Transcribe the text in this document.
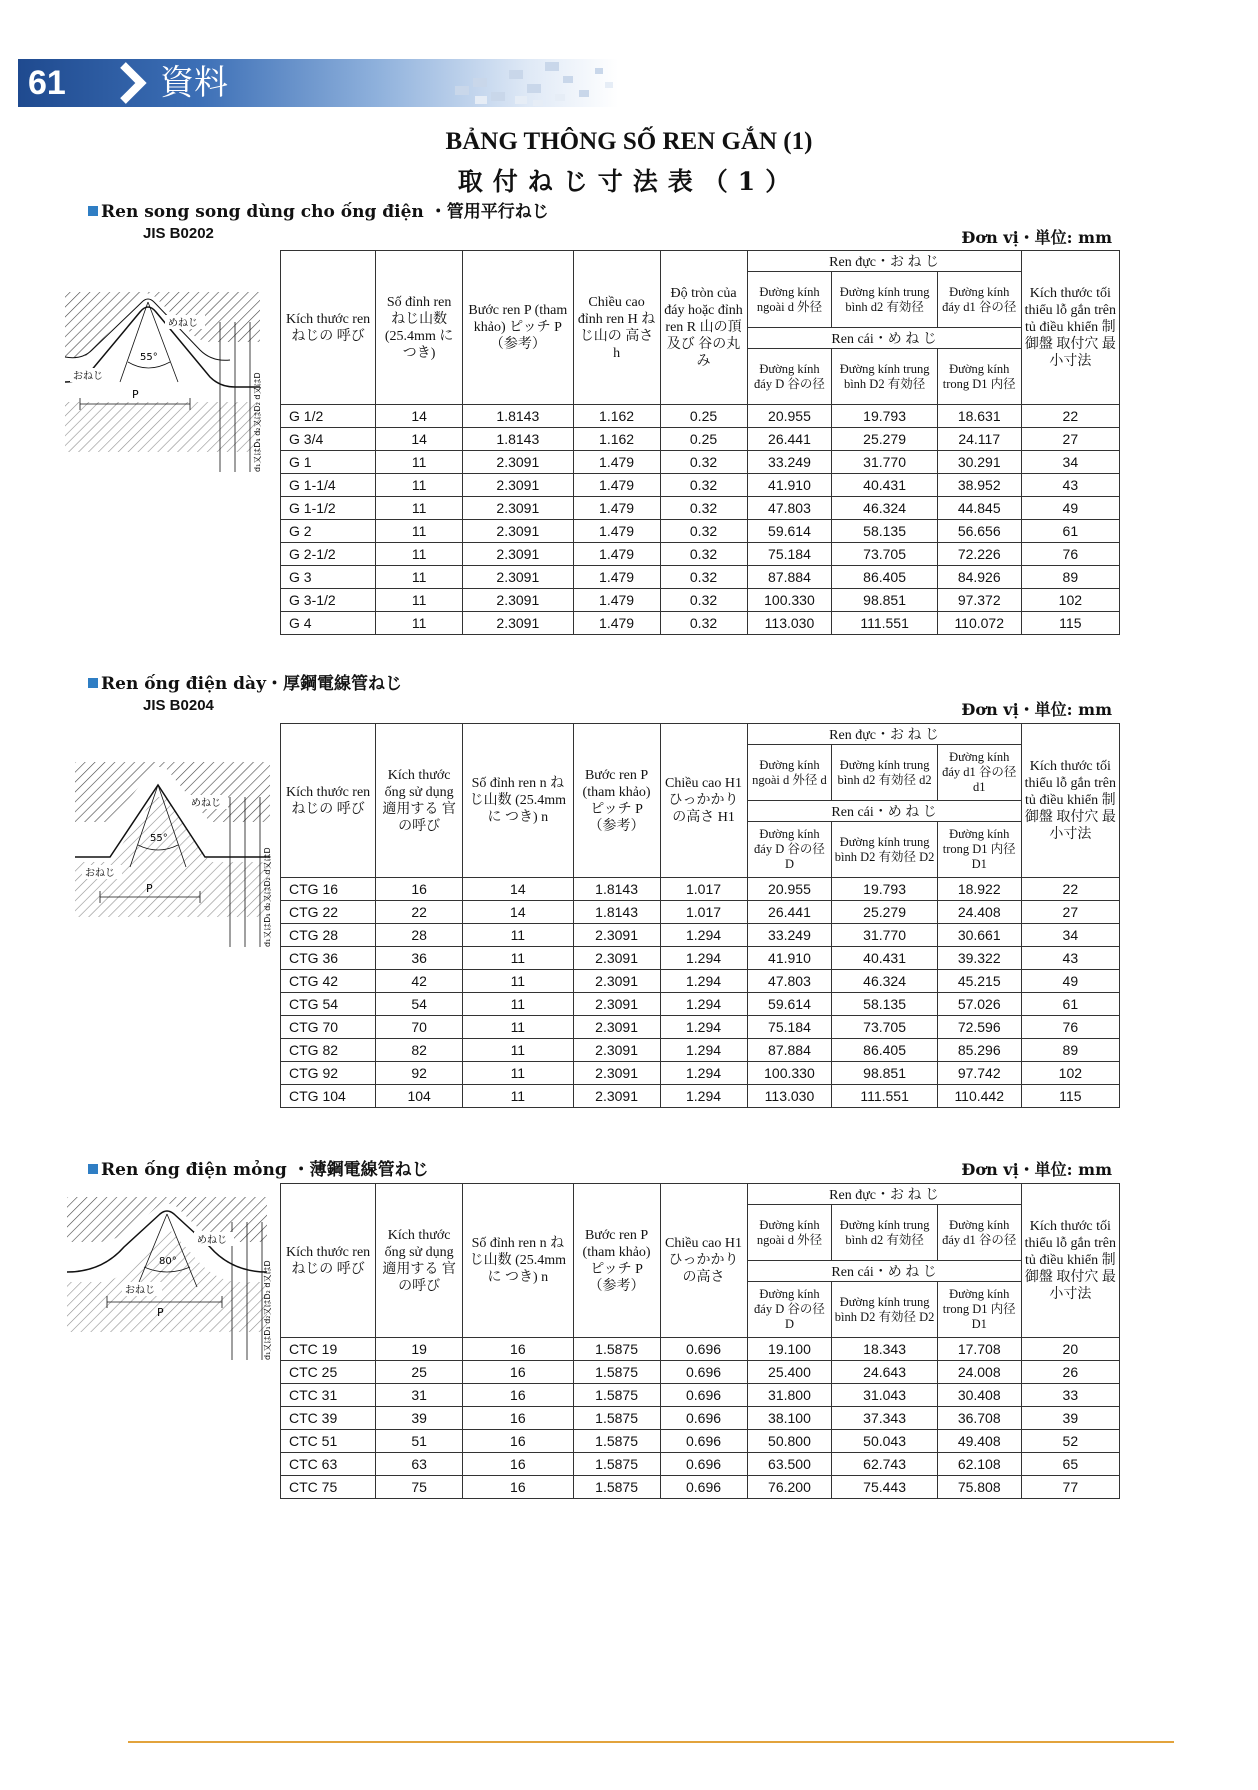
61	資料
BẢNG THÔNG SỐ REN GẮN (1)
取付ねじ寸法表（1）
Ren song song dùng cho ống điện ・管用平行ねじ
JIS B0202	Đơn vị・単位: mm
めねじ
おねじ
55°
P	d₁又はD₁ d₂又はD₂ d又はD
Kích thước ren ねじの 呼び	Số đỉnh ren ねじ山数 (25.4mm につき)	Bước ren P (tham khảo) ピッチ P （参考）	Chiều cao đỉnh ren H ねじ山の 高さ h	Độ tròn của đáy hoặc đỉnh ren R 山の頂及び 谷の丸み	Ren đực・お ね じ			Kích thước tối thiểu lỗ gắn trên tủ điều khiển 制御盤 取付穴 最小寸法
					Đường kính ngoài d 外径	Đường kính trung bình d2 有効径	Đường kính đáy d1 谷の径	
					Ren cái・め ね じ			
					Đường kính đáy D 谷の径	Đường kính trung bình D2 有効径	Đường kính trong D1 内径	
G 1/2	14	1.8143	1.162	0.25	20.955	19.793	18.631	22
G 3/4	14	1.8143	1.162	0.25	26.441	25.279	24.117	27
G 1	11	2.3091	1.479	0.32	33.249	31.770	30.291	34
G 1-1/4	11	2.3091	1.479	0.32	41.910	40.431	38.952	43
G 1-1/2	11	2.3091	1.479	0.32	47.803	46.324	44.845	49
G 2	11	2.3091	1.479	0.32	59.614	58.135	56.656	61
G 2-1/2	11	2.3091	1.479	0.32	75.184	73.705	72.226	76
G 3	11	2.3091	1.479	0.32	87.884	86.405	84.926	89
G 3-1/2	11	2.3091	1.479	0.32	100.330	98.851	97.372	102
G 4	11	2.3091	1.479	0.32	113.030	111.551	110.072	115
Ren ống điện dày・厚鋼電線管ねじ
JIS B0204	Đơn vị・単位: mm
めねじ
おねじ
55°
P	d₁又はD₁ d₂又はD₂ d又はD
Kích thước ren ねじの 呼び	Kích thước ống sử dụng 適用する 官の呼び	Số đỉnh ren n ねじ山数 (25.4mmに つき) n	Bước ren P (tham khảo) ピッチ P （参考）	Chiều cao H1 ひっかかり の高さ H1	Ren đực・お ね じ			Kích thước tối thiểu lỗ gắn trên tủ điều khiển 制御盤 取付穴 最小寸法
					Đường kính ngoài d 外径 d	Đường kính trung bình d2 有効径 d2	Đường kính đáy d1 谷の径 d1	
					Ren cái・め ね じ			
					Đường kính đáy D 谷の径 D	Đường kính trung bình D2 有効径 D2	Đường kính trong D1 内径 D1	
CTG 16	16	14	1.8143	1.017	20.955	19.793	18.922	22
CTG 22	22	14	1.8143	1.017	26.441	25.279	24.408	27
CTG 28	28	11	2.3091	1.294	33.249	31.770	30.661	34
CTG 36	36	11	2.3091	1.294	41.910	40.431	39.322	43
CTG 42	42	11	2.3091	1.294	47.803	46.324	45.215	49
CTG 54	54	11	2.3091	1.294	59.614	58.135	57.026	61
CTG 70	70	11	2.3091	1.294	75.184	73.705	72.596	76
CTG 82	82	11	2.3091	1.294	87.884	86.405	85.296	89
CTG 92	92	11	2.3091	1.294	100.330	98.851	97.742	102
CTG 104	104	11	2.3091	1.294	113.030	111.551	110.442	115
Ren ống điện mỏng ・薄鋼電線管ねじ	Đơn vị・単位: mm
めねじ
おねじ
80°
P	d₁又はD₁ d₂又はD₂ d又はD
Kích thước ren ねじの 呼び	Kích thước ống sử dụng 適用する 官の呼び	Số đỉnh ren n ねじ山数 (25.4mmに つき) n	Bước ren P (tham khảo) ピッチ P （参考）	Chiều cao H1 ひっかかり の高さ	Ren đực・お ね じ			Kích thước tối thiểu lỗ gắn trên tủ điều khiển 制御盤 取付穴 最小寸法
					Đường kính ngoài d 外径	Đường kính trung bình d2 有効径	Đường kính đáy d1 谷の径	
					Ren cái・め ね じ			
					Đường kính đáy D 谷の径 D	Đường kính trung bình D2 有効径 D2	Đường kính trong D1 内径 D1	
CTC 19	19	16	1.5875	0.696	19.100	18.343	17.708	20
CTC 25	25	16	1.5875	0.696	25.400	24.643	24.008	26
CTC 31	31	16	1.5875	0.696	31.800	31.043	30.408	33
CTC 39	39	16	1.5875	0.696	38.100	37.343	36.708	39
CTC 51	51	16	1.5875	0.696	50.800	50.043	49.408	52
CTC 63	63	16	1.5875	0.696	63.500	62.743	62.108	65
CTC 75	75	16	1.5875	0.696	76.200	75.443	75.808	77
